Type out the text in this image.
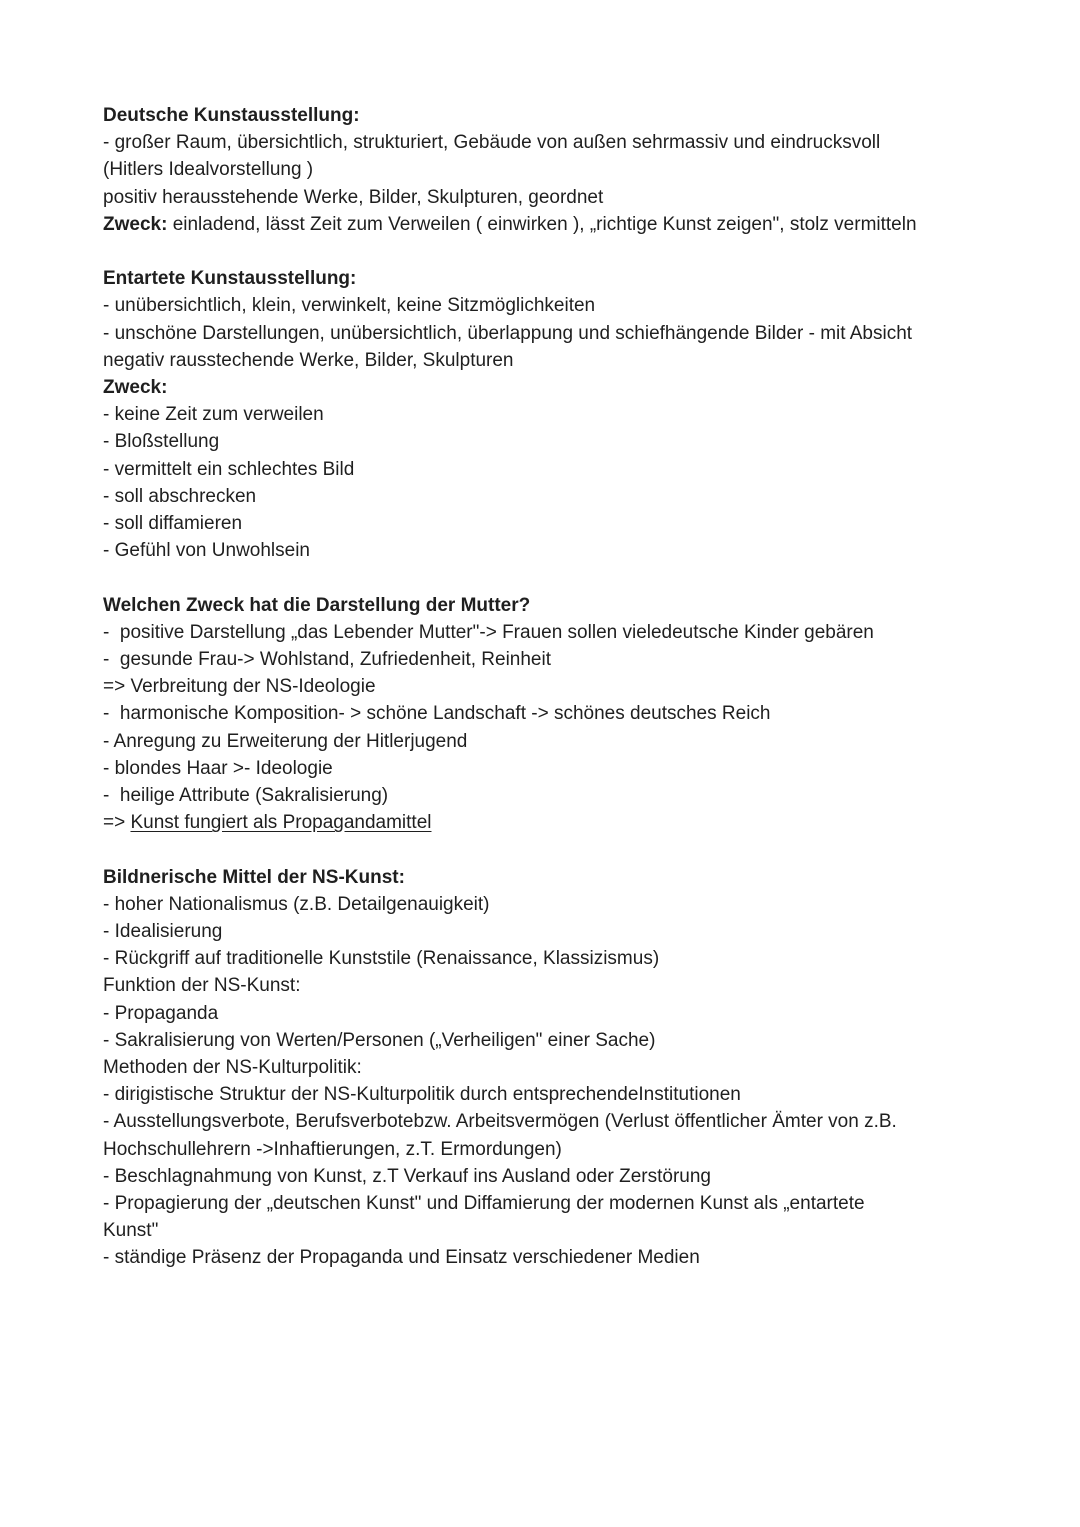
Deutsche Kunstausstellung:

- großer Raum, übersichtlich, strukturiert, Gebäude von außen sehrmassiv und eindrucksvoll

(Hitlers Idealvorstellung )

positiv herausstehende Werke, Bilder, Skulpturen, geordnet

Zweck: einladend, lässt Zeit zum Verweilen ( einwirken ), „richtige Kunst zeigen", stolz vermitteln

Entartete Kunstausstellung:

- unübersichtlich, klein, verwinkelt, keine Sitzmöglichkeiten

- unschöne Darstellungen, unübersichtlich, überlappung und schiefhängende Bilder - mit Absicht

negativ rausstechende Werke, Bilder, Skulpturen

Zweck:

- keine Zeit zum verweilen

- Bloßstellung

- vermittelt ein schlechtes Bild

- soll abschrecken

- soll diffamieren

- Gefühl von Unwohlsein

Welchen Zweck hat die Darstellung der Mutter?

-  positive Darstellung „das Lebender Mutter"-> Frauen sollen vieledeutsche Kinder gebären

-  gesunde Frau-> Wohlstand, Zufriedenheit, Reinheit

=> Verbreitung der NS-Ideologie

-  harmonische Komposition- > schöne Landschaft -> schönes deutsches Reich

- Anregung zu Erweiterung der Hitlerjugend

- blondes Haar >- Ideologie

-  heilige Attribute (Sakralisierung)

=> Kunst fungiert als Propagandamittel

Bildnerische Mittel der NS-Kunst:

- hoher Nationalismus (z.B. Detailgenauigkeit)

- Idealisierung

- Rückgriff auf traditionelle Kunststile (Renaissance, Klassizismus)

Funktion der NS-Kunst:

- Propaganda

- Sakralisierung von Werten/Personen („Verheiligen" einer Sache)

Methoden der NS-Kulturpolitik:

- dirigistische Struktur der NS-Kulturpolitik durch entsprechendeInstitutionen

- Ausstellungsverbote, Berufsverbotebzw. Arbeitsvermögen (Verlust öffentlicher Ämter von z.B.

Hochschullehrern ->Inhaftierungen, z.T. Ermordungen)

- Beschlagnahmung von Kunst, z.T Verkauf ins Ausland oder Zerstörung

- Propagierung der „deutschen Kunst" und Diffamierung der modernen Kunst als „entartete

Kunst"

- ständige Präsenz der Propaganda und Einsatz verschiedener Medien
